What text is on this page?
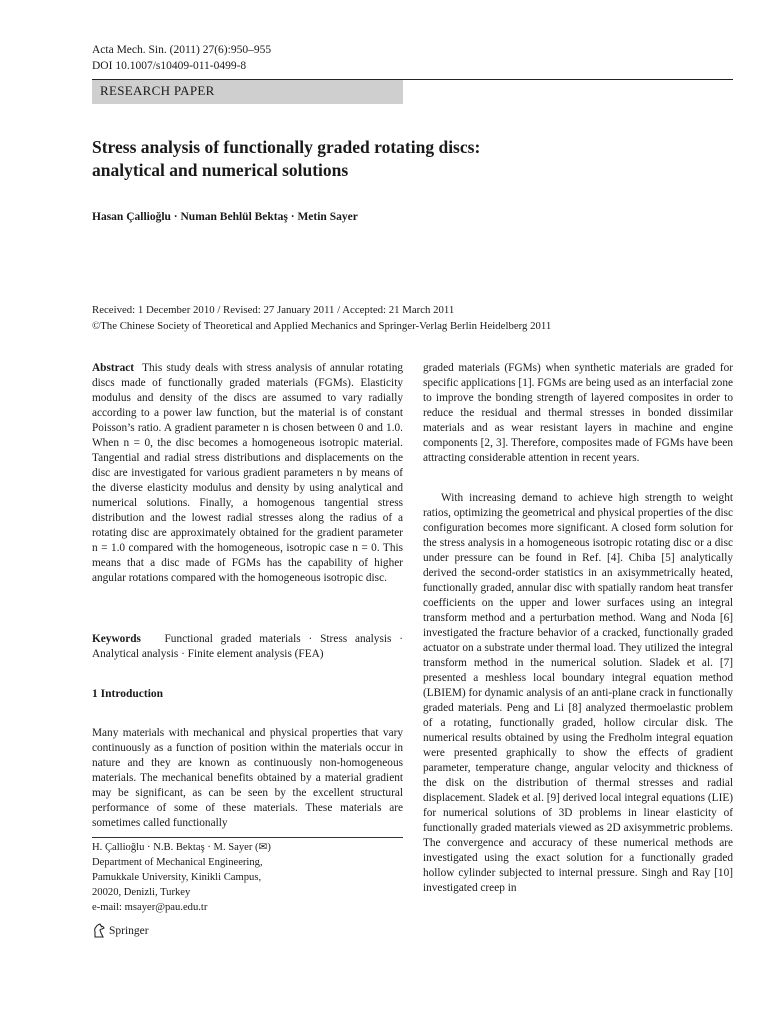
Acta Mech. Sin. (2011) 27(6):950–955
DOI 10.1007/s10409-011-0499-8
RESEARCH PAPER
Stress analysis of functionally graded rotating discs:
analytical and numerical solutions
Hasan Çallioğlu · Numan Behlül Bektaş · Metin Sayer
Received: 1 December 2010 / Revised: 27 January 2011 / Accepted: 21 March 2011
©The Chinese Society of Theoretical and Applied Mechanics and Springer-Verlag Berlin Heidelberg 2011
Abstract This study deals with stress analysis of annular rotating discs made of functionally graded materials (FGMs). Elasticity modulus and density of the discs are assumed to vary radially according to a power law function, but the material is of constant Poisson’s ratio. A gradient parameter n is chosen between 0 and 1.0. When n = 0, the disc becomes a homogeneous isotropic material. Tangential and radial stress distributions and displacements on the disc are investigated for various gradient parameters n by means of the diverse elasticity modulus and density by using analytical and numerical solutions. Finally, a homogenous tangential stress distribution and the lowest radial stresses along the radius of a rotating disc are approximately obtained for the gradient parameter n = 1.0 compared with the homogeneous, isotropic case n = 0. This means that a disc made of FGMs has the capability of higher angular rotations compared with the homogeneous isotropic disc.
Keywords Functional graded materials · Stress analysis · Analytical analysis · Finite element analysis (FEA)
1 Introduction
Many materials with mechanical and physical properties that vary continuously as a function of position within the materials occur in nature and they are known as continuously non-homogeneous materials. The mechanical benefits obtained by a material gradient may be significant, as can be seen by the excellent structural performance of some of these materials. These materials are sometimes called functionally
H. Çallioğlu · N.B. Bektaş · M. Sayer (✉)
Department of Mechanical Engineering,
Pamukkale University, Kinikli Campus,
20020, Denizli, Turkey
e-mail: msayer@pau.edu.tr
graded materials (FGMs) when synthetic materials are graded for specific applications [1]. FGMs are being used as an interfacial zone to improve the bonding strength of layered composites in order to reduce the residual and thermal stresses in bonded dissimilar materials and as wear resistant layers in machine and engine components [2, 3]. Therefore, composites made of FGMs have been attracting considerable attention in recent years.
With increasing demand to achieve high strength to weight ratios, optimizing the geometrical and physical properties of the disc configuration becomes more significant. A closed form solution for the stress analysis in a homogeneous isotropic rotating disc or a disc under pressure can be found in Ref. [4]. Chiba [5] analytically derived the second-order statistics in an axisymmetrically heated, functionally graded, annular disc with spatially random heat transfer coefficients on the upper and lower surfaces using an integral transform method and a perturbation method. Wang and Noda [6] investigated the fracture behavior of a cracked, functionally graded actuator on a substrate under thermal load. They utilized the integral transform method in the numerical solution. Sladek et al. [7] presented a meshless local boundary integral equation method (LBIEM) for dynamic analysis of an anti-plane crack in functionally graded materials. Peng and Li [8] analyzed thermoelastic problem of a rotating, functionally graded, hollow circular disk. The numerical results obtained by using the Fredholm integral equation were presented graphically to show the effects of gradient parameter, temperature change, angular velocity and thickness of the disk on the distribution of thermal stresses and radial displacement. Sladek et al. [9] derived local integral equations (LIE) for numerical solutions of 3D problems in linear elasticity of functionally graded materials viewed as 2D axisymmetric problems. The convergence and accuracy of these numerical methods are investigated using the exact solution for a functionally graded hollow cylinder subjected to internal pressure. Singh and Ray [10] investigated creep in
Springer
